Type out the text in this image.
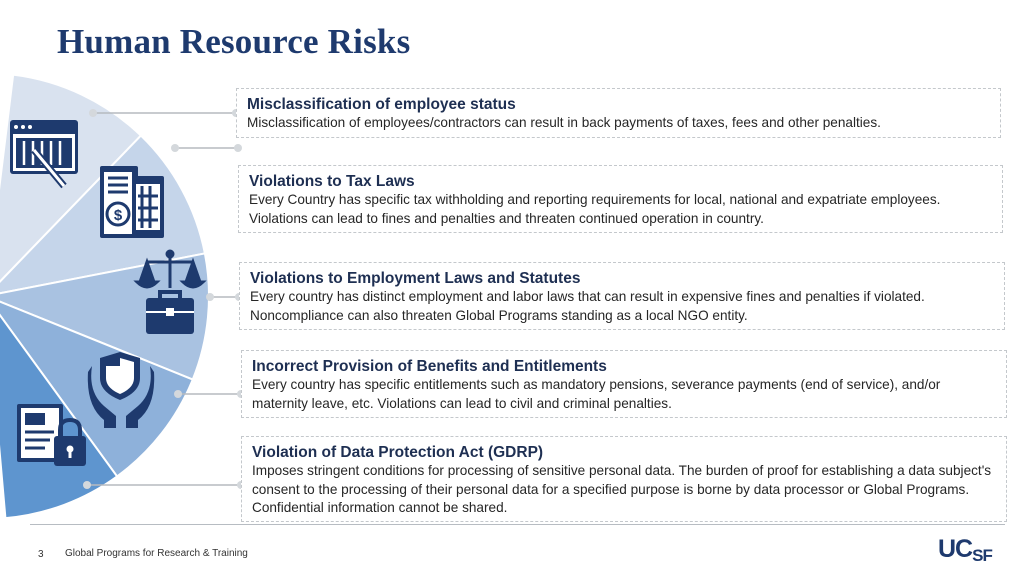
Human Resource Risks
$
Misclassification of employee status
Misclassification of employees/contractors can result in back payments of taxes, fees and other penalties.
Violations to Tax Laws
Every Country has specific tax withholding and reporting requirements for local, national and expatriate employees. Violations can lead to fines and penalties and threaten continued operation in country.
Violations to Employment Laws and Statutes
Every country has distinct employment and labor laws that can result in expensive fines and penalties if violated. Noncompliance can also threaten Global Programs standing as a local NGO entity.
Incorrect Provision of Benefits and Entitlements
Every country has specific entitlements such as mandatory pensions, severance payments (end of service), and/or maternity leave, etc. Violations can lead to civil and criminal penalties.
Violation of Data Protection Act (GDRP)
Imposes stringent conditions for processing of sensitive personal data. The burden of proof for establishing a data subject's consent to the processing of their personal data for a specified purpose is borne by data processor or Global Programs. Confidential information cannot be shared.
3 Global Programs for Research & Training	UCSF
